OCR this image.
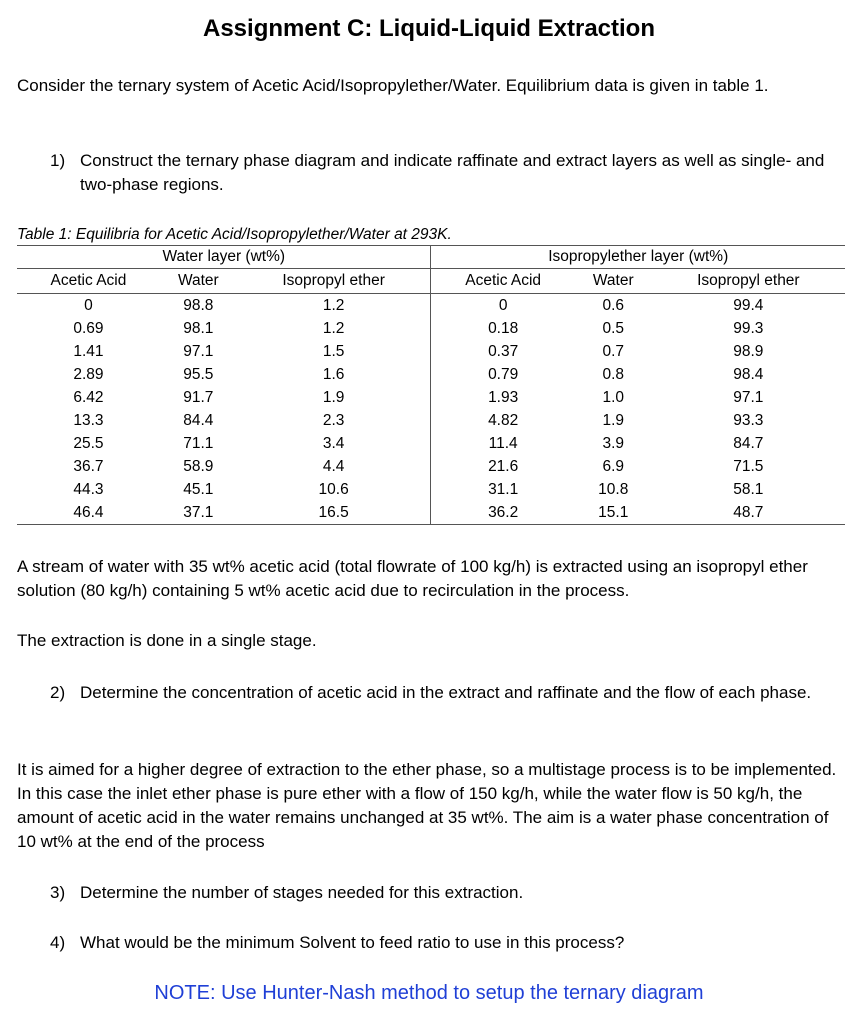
Assignment C: Liquid-Liquid Extraction
Consider the ternary system of Acetic Acid/Isopropylether/Water. Equilibrium data is given in table 1.
1) Construct the ternary phase diagram and indicate raffinate and extract layers as well as single- and two-phase regions.
Table 1: Equilibria for Acetic Acid/Isopropylether/Water at 293K.
Water layer (wt%)			Isopropylether layer (wt%)		
Acetic Acid	Water	Isopropyl ether	Acetic Acid	Water	Isopropyl ether
0	98.8	1.2	0	0.6	99.4
0.69	98.1	1.2	0.18	0.5	99.3
1.41	97.1	1.5	0.37	0.7	98.9
2.89	95.5	1.6	0.79	0.8	98.4
6.42	91.7	1.9	1.93	1.0	97.1
13.3	84.4	2.3	4.82	1.9	93.3
25.5	71.1	3.4	11.4	3.9	84.7
36.7	58.9	4.4	21.6	6.9	71.5
44.3	45.1	10.6	31.1	10.8	58.1
46.4	37.1	16.5	36.2	15.1	48.7
A stream of water with 35 wt% acetic acid (total flowrate of 100 kg/h) is extracted using an isopropyl ether solution (80 kg/h) containing 5 wt% acetic acid due to recirculation in the process.
The extraction is done in a single stage.
2) Determine the concentration of acetic acid in the extract and raffinate and the flow of each phase.
It is aimed for a higher degree of extraction to the ether phase, so a multistage process is to be implemented. In this case the inlet ether phase is pure ether with a flow of 150 kg/h, while the water flow is 50 kg/h, the amount of acetic acid in the water remains unchanged at 35 wt%. The aim is a water phase concentration of 10 wt% at the end of the process
3) Determine the number of stages needed for this extraction.
4) What would be the minimum Solvent to feed ratio to use in this process?
NOTE: Use Hunter-Nash method to setup the ternary diagram
